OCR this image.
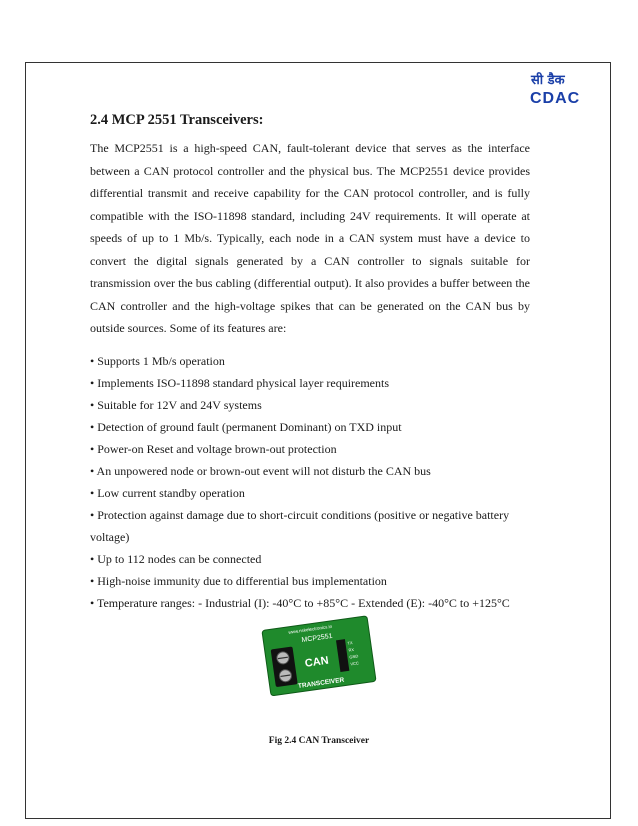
सी डैक
CDAC
2.4 MCP 2551 Transceivers:

The MCP2551 is a high-speed CAN, fault-tolerant device that serves as the interface between a CAN protocol controller and the physical bus. The MCP2551 device provides differential transmit and receive capability for the CAN protocol controller, and is fully compatible with the ISO-11898 standard, including 24V requirements. It will operate at speeds of up to 1 Mb/s. Typically, each node in a CAN system must have a device to convert the digital signals generated by a CAN controller to signals suitable for transmission over the bus cabling (differential output). It also provides a buffer between the CAN controller and the high-voltage spikes that can be generated on the CAN bus by outside sources. Some of its features are:

• Supports 1 Mb/s operation
• Implements ISO-11898 standard physical layer requirements
• Suitable for 12V and 24V systems
• Detection of ground fault (permanent Dominant) on TXD input
• Power-on Reset and voltage brown-out protection
• An unpowered node or brown-out event will not disturb the CAN bus
• Low current standby operation
• Protection against damage due to short-circuit conditions (positive or negative battery voltage)
• Up to 112 nodes can be connected
• High-noise immunity due to differential bus implementation
• Temperature ranges: - Industrial (I): -40°C to +85°C - Extended (E): -40°C to +125°C
www.nskelectronics.in
MCP2551
CAN
TX
RX
GND
VCC
TRANSCEIVER
Fig 2.4 CAN Transceiver
